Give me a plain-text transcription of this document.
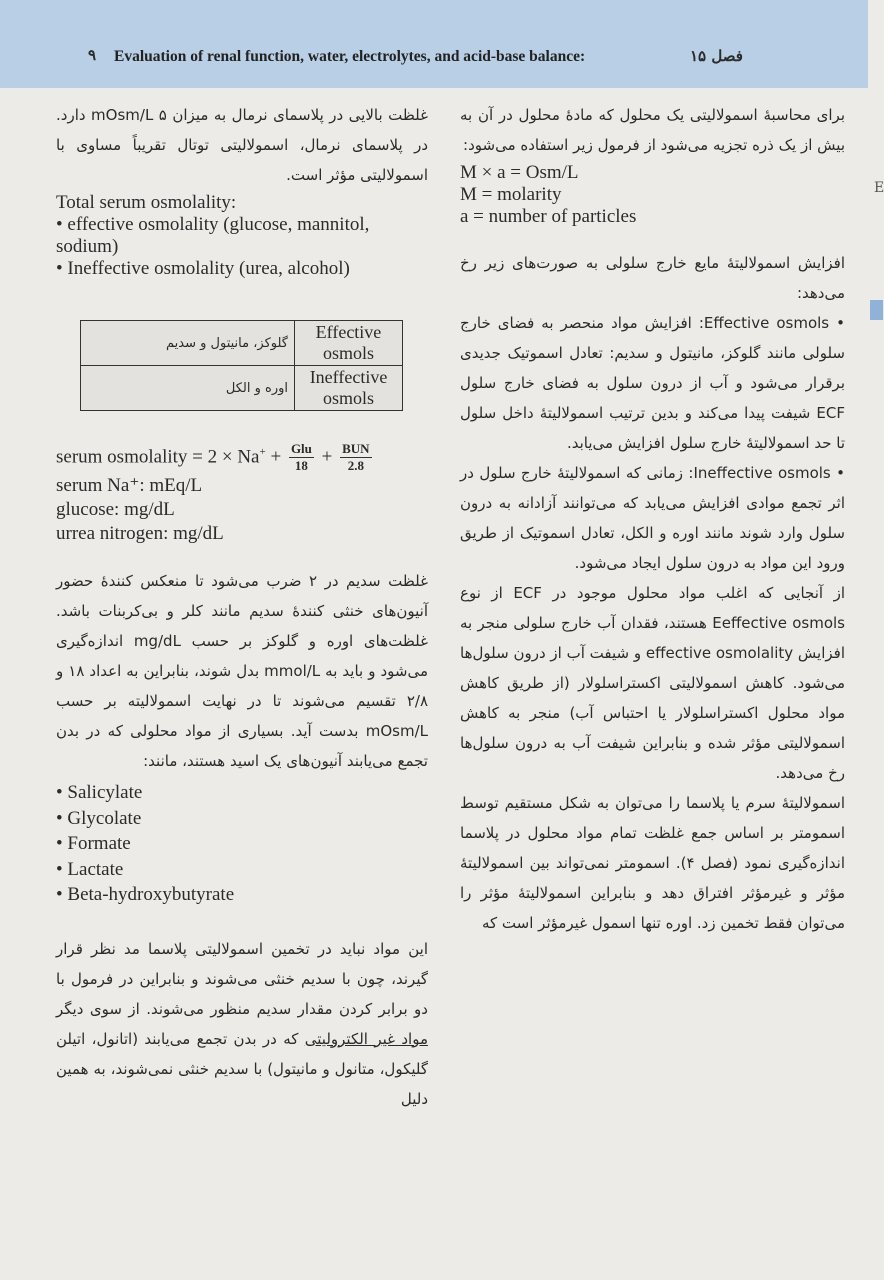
۹	Evaluation of renal function, water, electrolytes, and acid-base balance:	فصل ۱۵
E

برای محاسبهٔ اسمولالیتی یک محلول که مادهٔ محلول در آن به بیش از یک ذره تجزیه می‌شود از فرمول زیر استفاده می‌شود:

M × a = Osm/L
M = molarity
a = number of particles

افزایش اسمولالیتهٔ مایع خارج سلولی به صورت‌های زیر رخ می‌دهد:

• Effective osmols: افزایش مواد منحصر به فضای خارج سلولی مانند گلوکز، مانیتول و سدیم: تعادل اسموتیک جدیدی برقرار می‌شود و آب از درون سلول به فضای خارج سلول ECF شیفت پیدا می‌کند و بدین ترتیب اسمولالیتهٔ داخل سلول تا حد اسمولالیتهٔ خارج سلول افزایش می‌یابد.

• Ineffective osmols: زمانی که اسمولالیتهٔ خارج سلول در اثر تجمع موادی افزایش می‌یابد که می‌توانند آزادانه به درون سلول وارد شوند مانند اوره و الکل، تعادل اسموتیک از طریق ورود این مواد به درون سلول ایجاد می‌شود.

از آنجایی که اغلب مواد محلول موجود در ECF از نوع Eeffective osmols هستند، فقدان آب خارج سلولی منجر به افزایش effective osmolality و شیفت آب از درون سلول‌ها می‌شود. کاهش اسمولالیتی اکسترا‌سلولار (از طریق کاهش مواد محلول اکسترا‌سلولار یا احتباس آب) منجر به کاهش اسمولالیتی مؤثر شده و بنابراین شیفت آب به درون سلول‌ها رخ می‌دهد.

اسمولالیتهٔ سرم یا پلاسما را می‌توان به شکل مستقیم توسط اسمومتر بر اساس جمع غلظت تمام مواد محلول در پلاسما اندازه‌گیری نمود (فصل ۴). اسمومتر نمی‌تواند بین اسمولالیتهٔ مؤثر و غیرمؤثر افتراق دهد و بنابراین اسمولالیتهٔ مؤثر را می‌توان فقط تخمین زد. اوره تنها اسمول غیرمؤثر است که

غلظت بالایی در پلاسمای نرمال به میزان mOsm/L ۵ دارد. در پلاسمای نرمال، اسمولالیتی توتال تقریباً مساوی با اسمولالیتی مؤثر است.

Total serum osmolality:
• effective osmolality (glucose, mannitol, sodium)
• Ineffective osmolality (urea, alcohol)
گلوکز، مانیتول و سدیم	Effective osmols
اوره و الکل	Ineffective osmols
serum osmolality = $2 \times Na^+ + \frac{\text{Glu}}{18} + \frac{\text{BUN}}{2.8}$
serum Na⁺: mEq/L
glucose: mg/dL
urrea nitrogen: mg/dL

غلظت سدیم در ۲ ضرب می‌شود تا منعکس کنندهٔ حضور آنیون‌های خنثی کنندهٔ سدیم مانند کلر و بی‌کربنات باشد. غلظت‌های اوره و گلوکز بر حسب mg/dL اندازه‌گیری می‌شود و باید به mmol/L بدل شوند، بنابراین به اعداد ۱۸ و ۲/۸ تقسیم می‌شوند تا در نهایت اسمولالیته بر حسب mOsm/L بدست آید. بسیاری از مواد محلولی که در بدن تجمع می‌یابند آنیون‌های یک اسید هستند، مانند:

• Salicylate
• Glycolate
• Formate
• Lactate
• Beta-hydroxybutyrate

این مواد نباید در تخمین اسمولالیتی پلاسما مد نظر قرار گیرند، چون با سدیم خنثی می‌شوند و بنابراین در فرمول با دو برابر کردن مقدار سدیم منظور می‌شوند. از سوی دیگر مواد غیر الکترولیتی که در بدن تجمع می‌یابند (اتانول، اتیلن گلیکول، متانول و مانیتول) با سدیم خنثی نمی‌شوند، به همین دلیل
